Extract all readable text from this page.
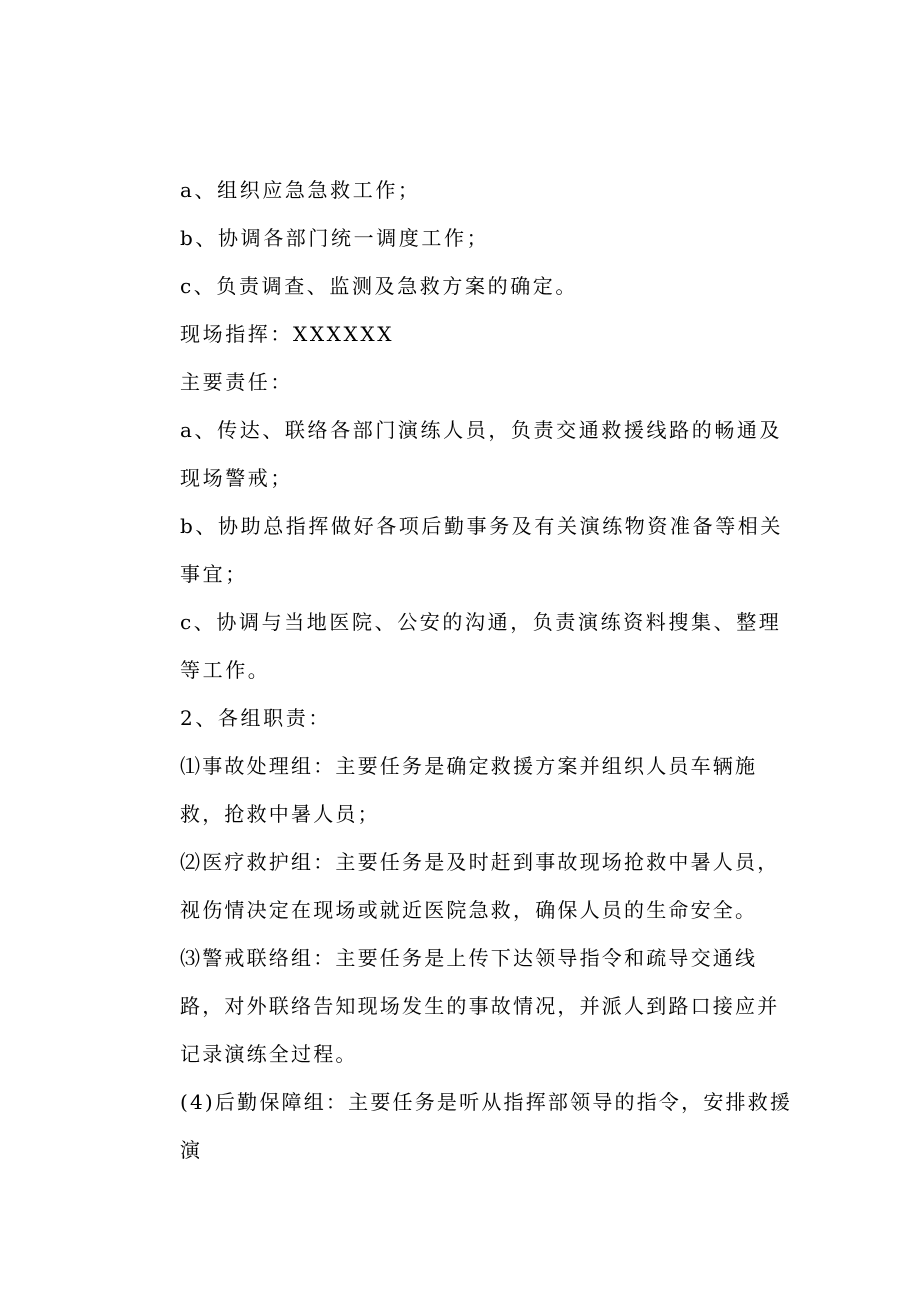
a、组织应急急救工作；

b、协调各部门统一调度工作；

c、负责调查、监测及急救方案的确定。

现场指挥：XXXXXX

主要责任：

a、传达、联络各部门演练人员，负责交通救援线路的畅通及现场警戒；

b、协助总指挥做好各项后勤事务及有关演练物资准备等相关事宜；

c、协调与当地医院、公安的沟通，负责演练资料搜集、整理等工作。

2、各组职责：

⑴事故处理组：主要任务是确定救援方案并组织人员车辆施救，抢救中暑人员；

⑵医疗救护组：主要任务是及时赶到事故现场抢救中暑人员，视伤情决定在现场或就近医院急救，确保人员的生命安全。

⑶警戒联络组：主要任务是上传下达领导指令和疏导交通线路，对外联络告知现场发生的事故情况，并派人到路口接应并记录演练全过程。

(4)后勤保障组：主要任务是听从指挥部领导的指令，安排救援演
